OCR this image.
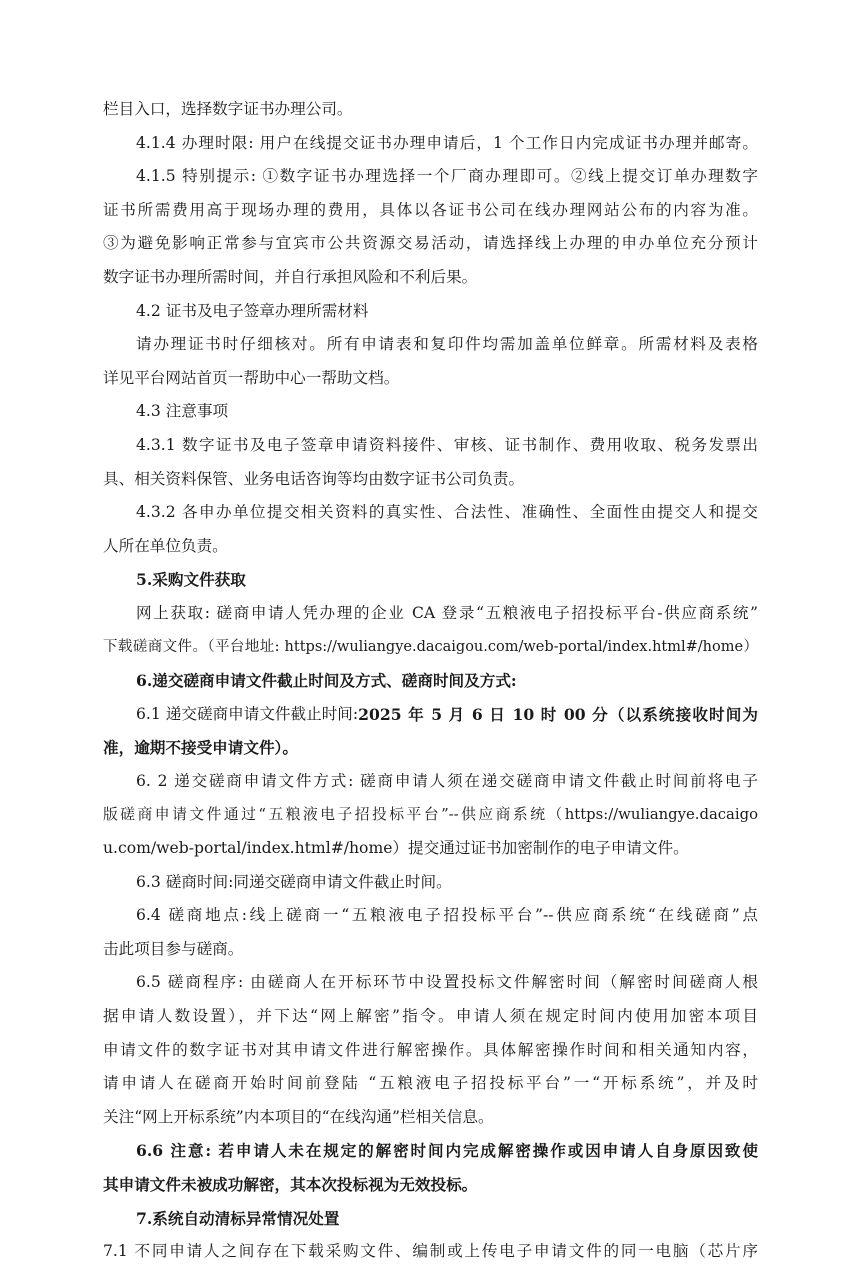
栏目入口，选择数字证书办理公司。
4.1.4 办理时限: 用户在线提交证书办理申请后，1 个工作日内完成证书办理并邮寄。
4.1.5 特别提示: ①数字证书办理选择一个厂商办理即可。②线上提交订单办理数字
证书所需费用高于现场办理的费用，具体以各证书公司在线办理网站公布的内容为准。
③为避免影响正常参与宜宾市公共资源交易活动，请选择线上办理的申办单位充分预计
数字证书办理所需时间，并自行承担风险和不利后果。
4.2 证书及电子签章办理所需材料
请办理证书时仔细核对。所有申请表和复印件均需加盖单位鲜章。所需材料及表格
详见平台网站首页一帮助中心一帮助文档。
4.3 注意事项
4.3.1 数字证书及电子签章申请资料接件、审核、证书制作、费用收取、税务发票出
具、相关资料保管、业务电话咨询等均由数字证书公司负责。
4.3.2 各申办单位提交相关资料的真实性、合法性、准确性、全面性由提交人和提交
人所在单位负责。
5.采购文件获取
网上获取: 磋商申请人凭办理的企业 CA 登录“五粮液电子招投标平台-供应商系统”
下载磋商文件。（平台地址: https://wuliangye.dacaigou.com/web-portal/index.html#/home）
6.递交磋商申请文件截止时间及方式、磋商时间及方式:
6.1 递交磋商申请文件截止时间: 2025 年 5 月 6 日 10 时 00 分（以系统接收时间为
准，逾期不接受申请文件）。
6. 2 递交磋商申请文件方式: 磋商申请人须在递交磋商申请文件截止时间前将电子
版磋商申请文件通过“五粮液电子招投标平台”--供应商系统（https://wuliangye.dacaigo
u.com/web-portal/index.html#/home）提交通过证书加密制作的电子申请文件。
6.3 磋商时间:同递交磋商申请文件截止时间。
6.4 磋商地点:线上磋商一“五粮液电子招投标平台”--供应商系统“在线磋商”点
击此项目参与磋商。
6.5 磋商程序: 由磋商人在开标环节中设置投标文件解密时间（解密时间磋商人根
据申请人数设置），并下达“网上解密”指令。申请人须在规定时间内使用加密本项目
申请文件的数字证书对其申请文件进行解密操作。具体解密操作时间和相关通知内容，
请申请人在磋商开始时间前登陆 “五粮液电子招投标平台”一“开标系统”，并及时
关注“网上开标系统”内本项目的“在线沟通”栏相关信息。
6.6 注意: 若申请人未在规定的解密时间内完成解密操作或因申请人自身原因致使
其申请文件未被成功解密，其本次投标视为无效投标。
7.系统自动清标异常情况处置
7.1 不同申请人之间存在下载采购文件、编制或上传电子申请文件的同一电脑（芯片序
